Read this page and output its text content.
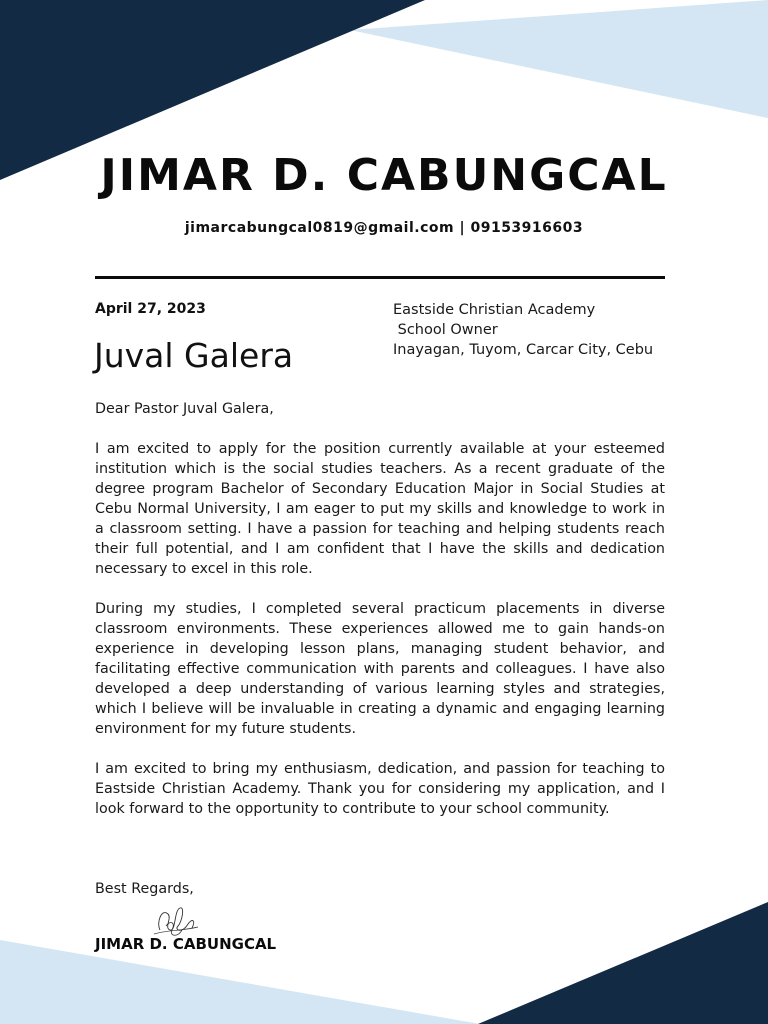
JIMAR D. CABUNGCAL
jimarcabungcal0819@gmail.com | 09153916603
April 27, 2023
Juval Galera
Eastside Christian Academy
School Owner
Inayagan, Tuyom, Carcar City, Cebu
Dear Pastor Juval Galera,

I am excited to apply for the position currently available at your esteemed institution which is the social studies teachers. As a recent graduate of the degree program Bachelor of Secondary Education Major in Social Studies at Cebu Normal University, I am eager to put my skills and knowledge to work in a classroom setting. I have a passion for teaching and helping students reach their full potential, and I am confident that I have the skills and dedication necessary to excel in this role.

During my studies, I completed several practicum placements in diverse classroom environments. These experiences allowed me to gain hands-on experience in developing lesson plans, managing student behavior, and facilitating effective communication with parents and colleagues. I have also developed a deep understanding of various learning styles and strategies, which I believe will be invaluable in creating a dynamic and engaging learning environment for my future students.

I am excited to bring my enthusiasm, dedication, and passion for teaching to Eastside Christian Academy. Thank you for considering my application, and I look forward to the opportunity to contribute to your school community.

Best Regards,
JIMAR D. CABUNGCAL
